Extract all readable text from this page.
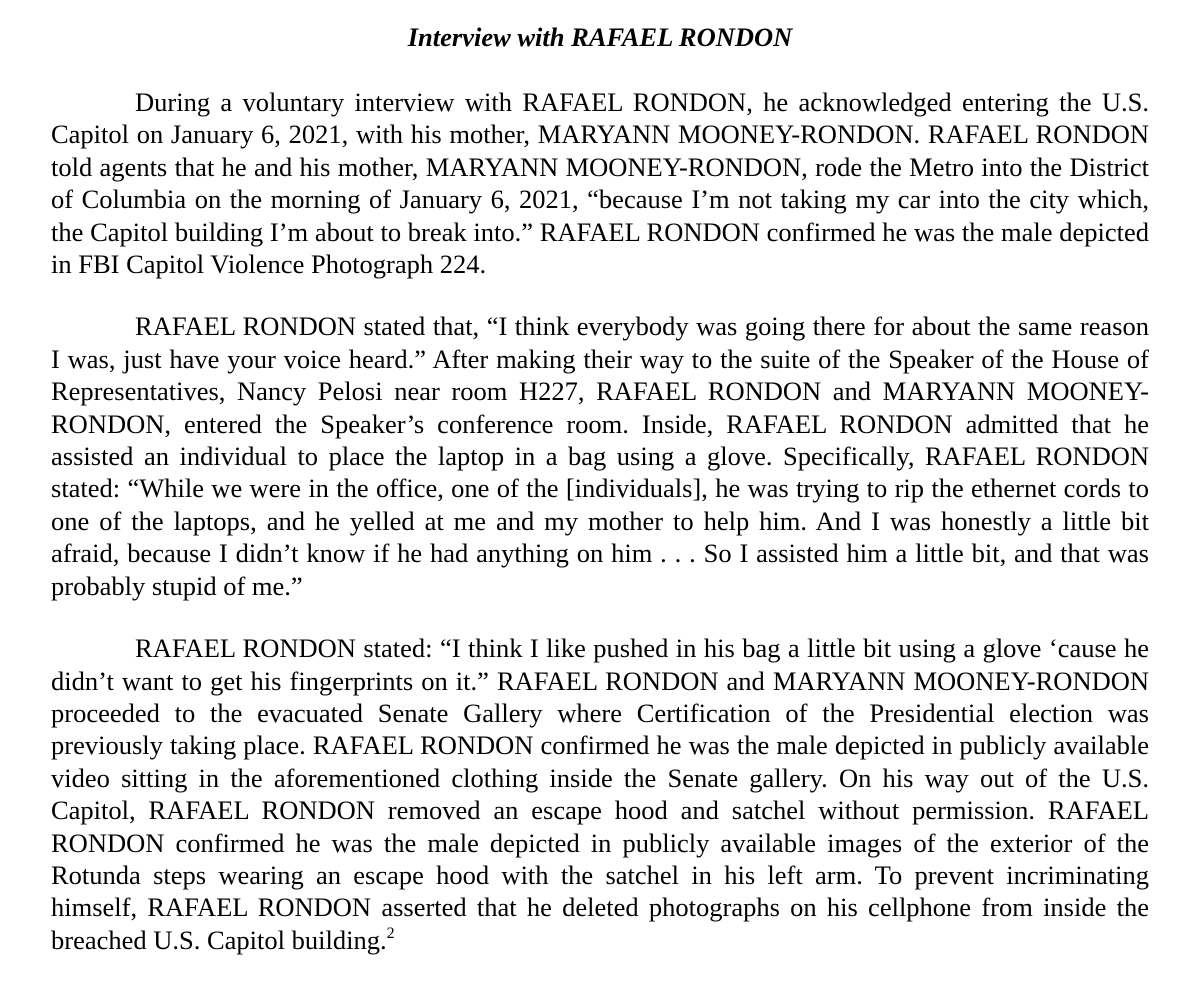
Interview with RAFAEL RONDON

During a voluntary interview with RAFAEL RONDON, he acknowledged entering the U.S. Capitol on January 6, 2021, with his mother, MARYANN MOONEY-RONDON. RAFAEL RONDON told agents that he and his mother, MARYANN MOONEY-RONDON, rode the Metro into the District of Columbia on the morning of January 6, 2021, “because I’m not taking my car into the city which, the Capitol building I’m about to break into.” RAFAEL RONDON confirmed he was the male depicted in FBI Capitol Violence Photograph 224.

RAFAEL RONDON stated that, “I think everybody was going there for about the same reason I was, just have your voice heard.” After making their way to the suite of the Speaker of the House of Representatives, Nancy Pelosi near room H227, RAFAEL RONDON and MARYANN MOONEY-RONDON, entered the Speaker’s conference room. Inside, RAFAEL RONDON admitted that he assisted an individual to place the laptop in a bag using a glove. Specifically, RAFAEL RONDON stated: “While we were in the office, one of the [individuals], he was trying to rip the ethernet cords to one of the laptops, and he yelled at me and my mother to help him. And I was honestly a little bit afraid, because I didn’t know if he had anything on him . . . So I assisted him a little bit, and that was probably stupid of me.”

RAFAEL RONDON stated: “I think I like pushed in his bag a little bit using a glove ‘cause he didn’t want to get his fingerprints on it.” RAFAEL RONDON and MARYANN MOONEY-RONDON proceeded to the evacuated Senate Gallery where Certification of the Presidential election was previously taking place. RAFAEL RONDON confirmed he was the male depicted in publicly available video sitting in the aforementioned clothing inside the Senate gallery. On his way out of the U.S. Capitol, RAFAEL RONDON removed an escape hood and satchel without permission. RAFAEL RONDON confirmed he was the male depicted in publicly available images of the exterior of the Rotunda steps wearing an escape hood with the satchel in his left arm. To prevent incriminating himself, RAFAEL RONDON asserted that he deleted photographs on his cellphone from inside the breached U.S. Capitol building.$^2$
